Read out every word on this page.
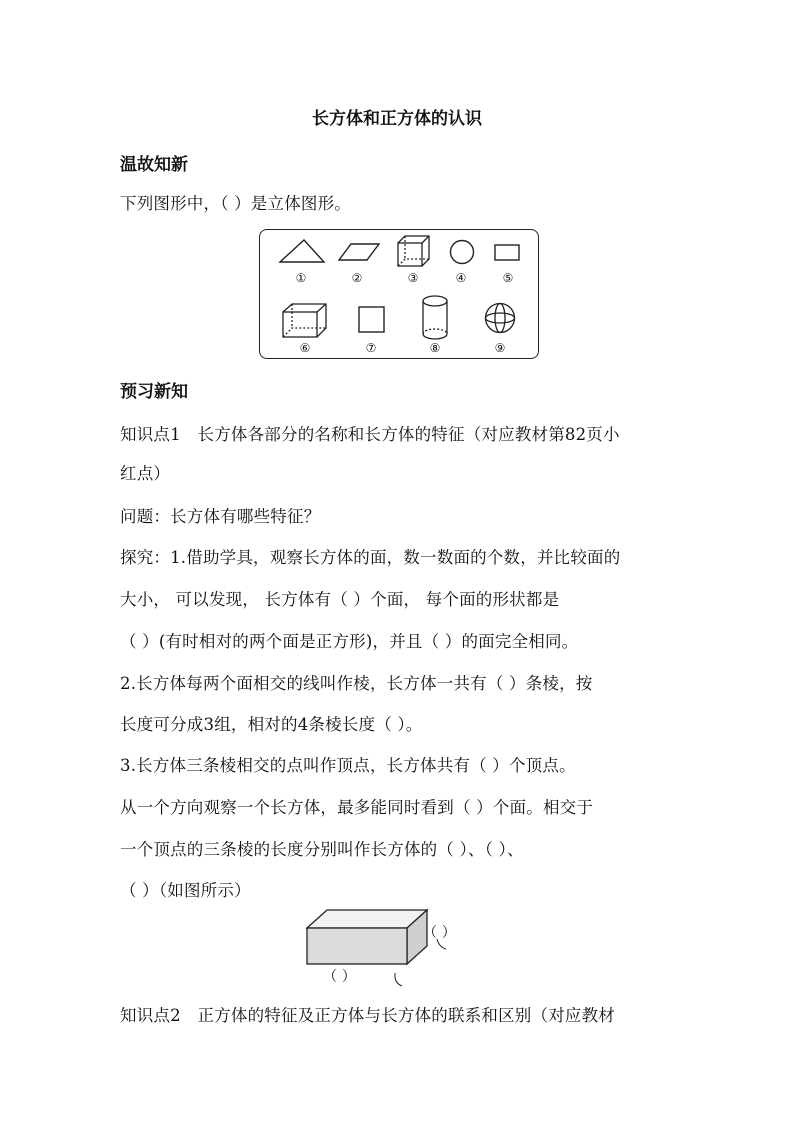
长方体和正方体的认识

温故知新

下列图形中，（ ）是立体图形。

①	②	③	④	⑤
⑥	⑦	⑧	⑨

预习新知

知识点1　长方体各部分的名称和长方体的特征（对应教材第82页小

红点）

问题：长方体有哪些特征？

探究：1.借助学具，观察长方体的面，数一数面的个数，并比较面的

大小， 可以发现， 长方体有（ ）个面， 每个面的形状都是

（ ）(有时相对的两个面是正方形)，并且（ ）的面完全相同。

2.长方体每两个面相交的线叫作棱，长方体一共有（ ）条棱，按

长度可分成3组，相对的4条棱长度（ ）。

3.长方体三条棱相交的点叫作顶点，长方体共有（ ）个顶点。

从一个方向观察一个长方体，最多能同时看到（ ）个面。相交于

一个顶点的三条棱的长度分别叫作长方体的（ ）、（ ）、

（ ）（如图所示）

（ ）
（ ）

知识点2　正方体的特征及正方体与长方体的联系和区别（对应教材
